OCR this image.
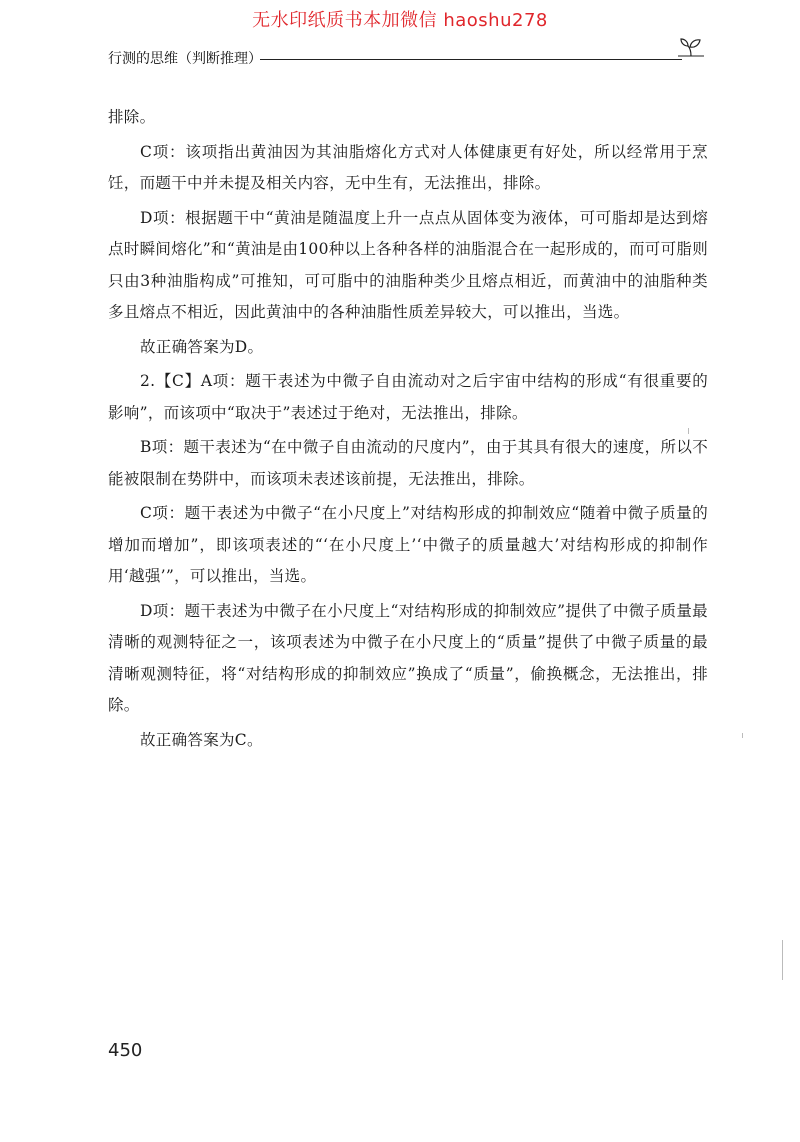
无水印纸质书本加微信 haoshu278
行测的思维（判断推理）

排除。

C项：该项指出黄油因为其油脂熔化方式对人体健康更有好处，所以经常用于烹饪，而题干中并未提及相关内容，无中生有，无法推出，排除。

D项：根据题干中“黄油是随温度上升一点点从固体变为液体，可可脂却是达到熔点时瞬间熔化”和“黄油是由100种以上各种各样的油脂混合在一起形成的，而可可脂则只由3种油脂构成”可推知，可可脂中的油脂种类少且熔点相近，而黄油中的油脂种类多且熔点不相近，因此黄油中的各种油脂性质差异较大，可以推出，当选。

故正确答案为D。

2.【C】A项：题干表述为中微子自由流动对之后宇宙中结构的形成“有很重要的影响”，而该项中“取决于”表述过于绝对，无法推出，排除。

B项：题干表述为“在中微子自由流动的尺度内”，由于其具有很大的速度，所以不能被限制在势阱中，而该项未表述该前提，无法推出，排除。

C项：题干表述为中微子“在小尺度上”对结构形成的抑制效应“随着中微子质量的增加而增加”，即该项表述的“‘在小尺度上’‘中微子的质量越大’对结构形成的抑制作用‘越强’”，可以推出，当选。

D项：题干表述为中微子在小尺度上“对结构形成的抑制效应”提供了中微子质量最清晰的观测特征之一，该项表述为中微子在小尺度上的“质量”提供了中微子质量的最清晰观测特征，将“对结构形成的抑制效应”换成了“质量”，偷换概念，无法推出，排除。

故正确答案为C。

450
